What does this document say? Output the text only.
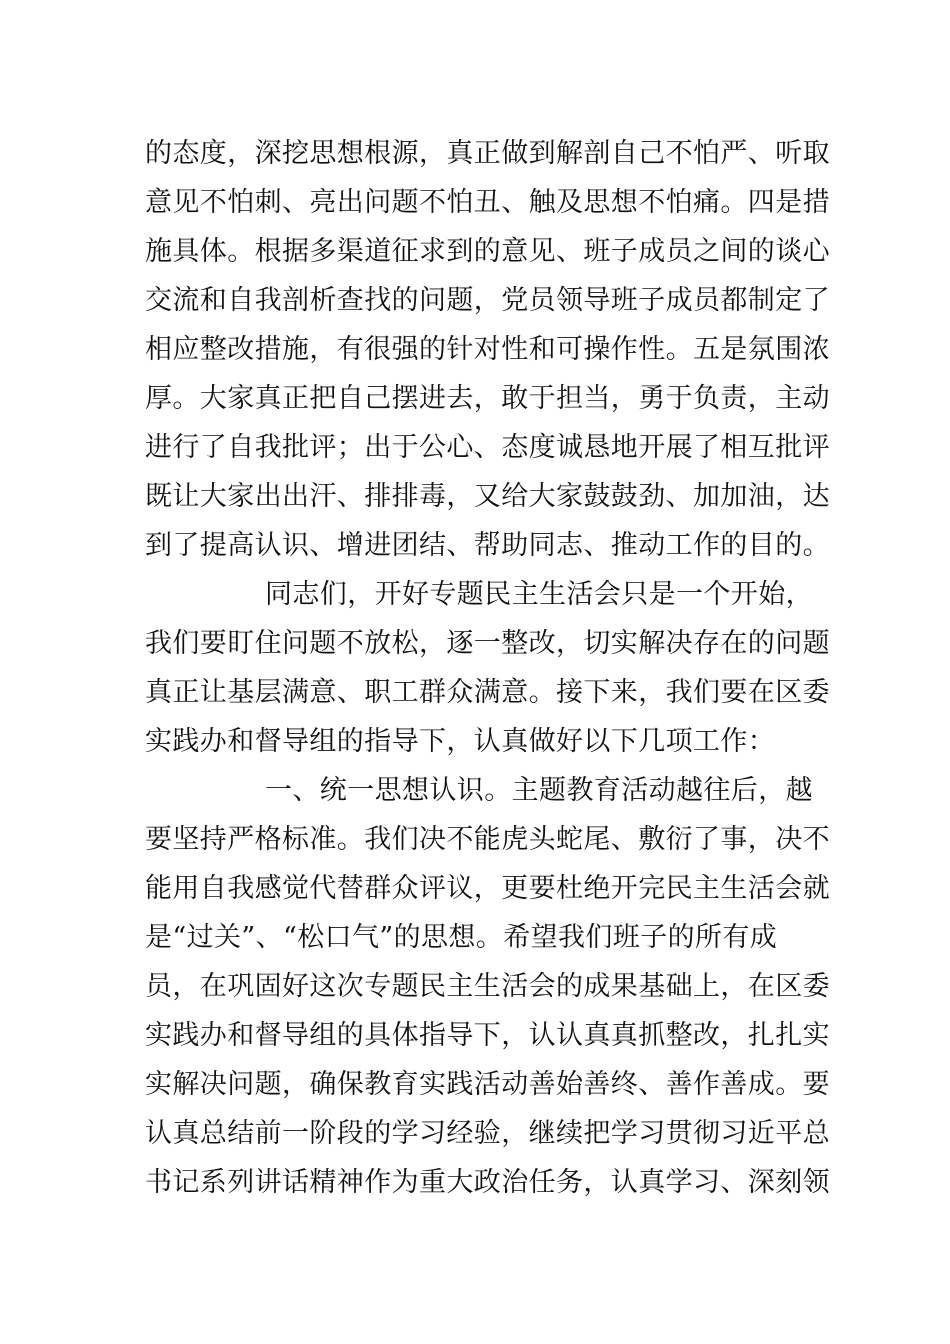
的态度，深挖思想根源，真正做到解剖自己不怕严、听取
意见不怕刺、亮出问题不怕丑、触及思想不怕痛。四是措
施具体。根据多渠道征求到的意见、班子成员之间的谈心
交流和自我剖析查找的问题，党员领导班子成员都制定了
相应整改措施，有很强的针对性和可操作性。五是氛围浓
厚。大家真正把自己摆进去，敢于担当，勇于负责，主动
进行了自我批评；出于公心、态度诚恳地开展了相互批评
既让大家出出汗、排排毒，又给大家鼓鼓劲、加加油，达
到了提高认识、增进团结、帮助同志、推动工作的目的。
同志们，开好专题民主生活会只是一个开始，
我们要盯住问题不放松，逐一整改，切实解决存在的问题
真正让基层满意、职工群众满意。接下来，我们要在区委
实践办和督导组的指导下，认真做好以下几项工作：
一、统一思想认识。主题教育活动越往后，越
要坚持严格标准。我们决不能虎头蛇尾、敷衍了事，决不
能用自我感觉代替群众评议，更要杜绝开完民主生活会就
是“过关”、“松口气”的思想。希望我们班子的所有成
员，在巩固好这次专题民主生活会的成果基础上，在区委
实践办和督导组的具体指导下，认认真真抓整改，扎扎实
实解决问题，确保教育实践活动善始善终、善作善成。要
认真总结前一阶段的学习经验，继续把学习贯彻习近平总
书记系列讲话精神作为重大政治任务，认真学习、深刻领
